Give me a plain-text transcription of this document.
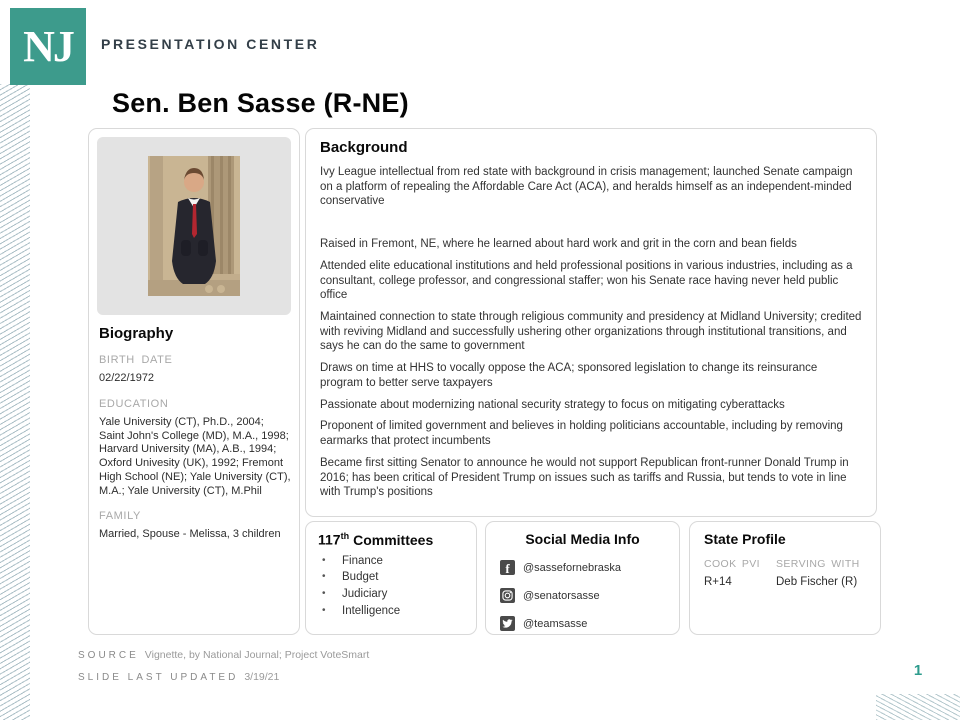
NJ PRESENTATION CENTER
Sen. Ben Sasse (R-NE)
Biography
BIRTH DATE
02/22/1972
EDUCATION
Yale University (CT), Ph.D., 2004; Saint John's College (MD), M.A., 1998; Harvard University (MA), A.B., 1994; Oxford Univesity (UK), 1992; Fremont High School (NE); Yale University (CT), M.A.; Yale University (CT), M.Phil
FAMILY
Married, Spouse - Melissa, 3 children
Background

Ivy League intellectual from red state with background in crisis management; launched Senate campaign on a platform of repealing the Affordable Care Act (ACA), and heralds himself as an independent-minded conservative

Raised in Fremont, NE, where he learned about hard work and grit in the corn and bean fields

Attended elite educational institutions and held professional positions in various industries, including as a consultant, college professor, and congressional staffer; won his Senate race having never held public office

Maintained connection to state through religious community and presidency at Midland University; credited with reviving Midland and successfully ushering other organizations through institutional transitions, and says he can do the same to government

Draws on time at HHS to vocally oppose the ACA; sponsored legislation to change its reinsurance program to better serve taxpayers

Passionate about modernizing national security strategy to focus on mitigating cyberattacks

Proponent of limited government and believes in holding politicians accountable, including by removing earmarks that protect incumbents

Became first sitting Senator to announce he would not support Republican front-runner Donald Trump in 2016; has been critical of President Trump on issues such as tariffs and Russia, but tends to vote in line with Trump's positions

117th Committees
• Finance
• Budget
• Judiciary
• Intelligence
Social Media Info
f @sassefornebraska
@senatorsasse
@teamsasse
State Profile
COOK PVI	SERVING WITH
R+14	Deb Fischer (R)
SOURCE Vignette, by National Journal; Project VoteSmart
SLIDE LAST UPDATED 3/19/21	1
